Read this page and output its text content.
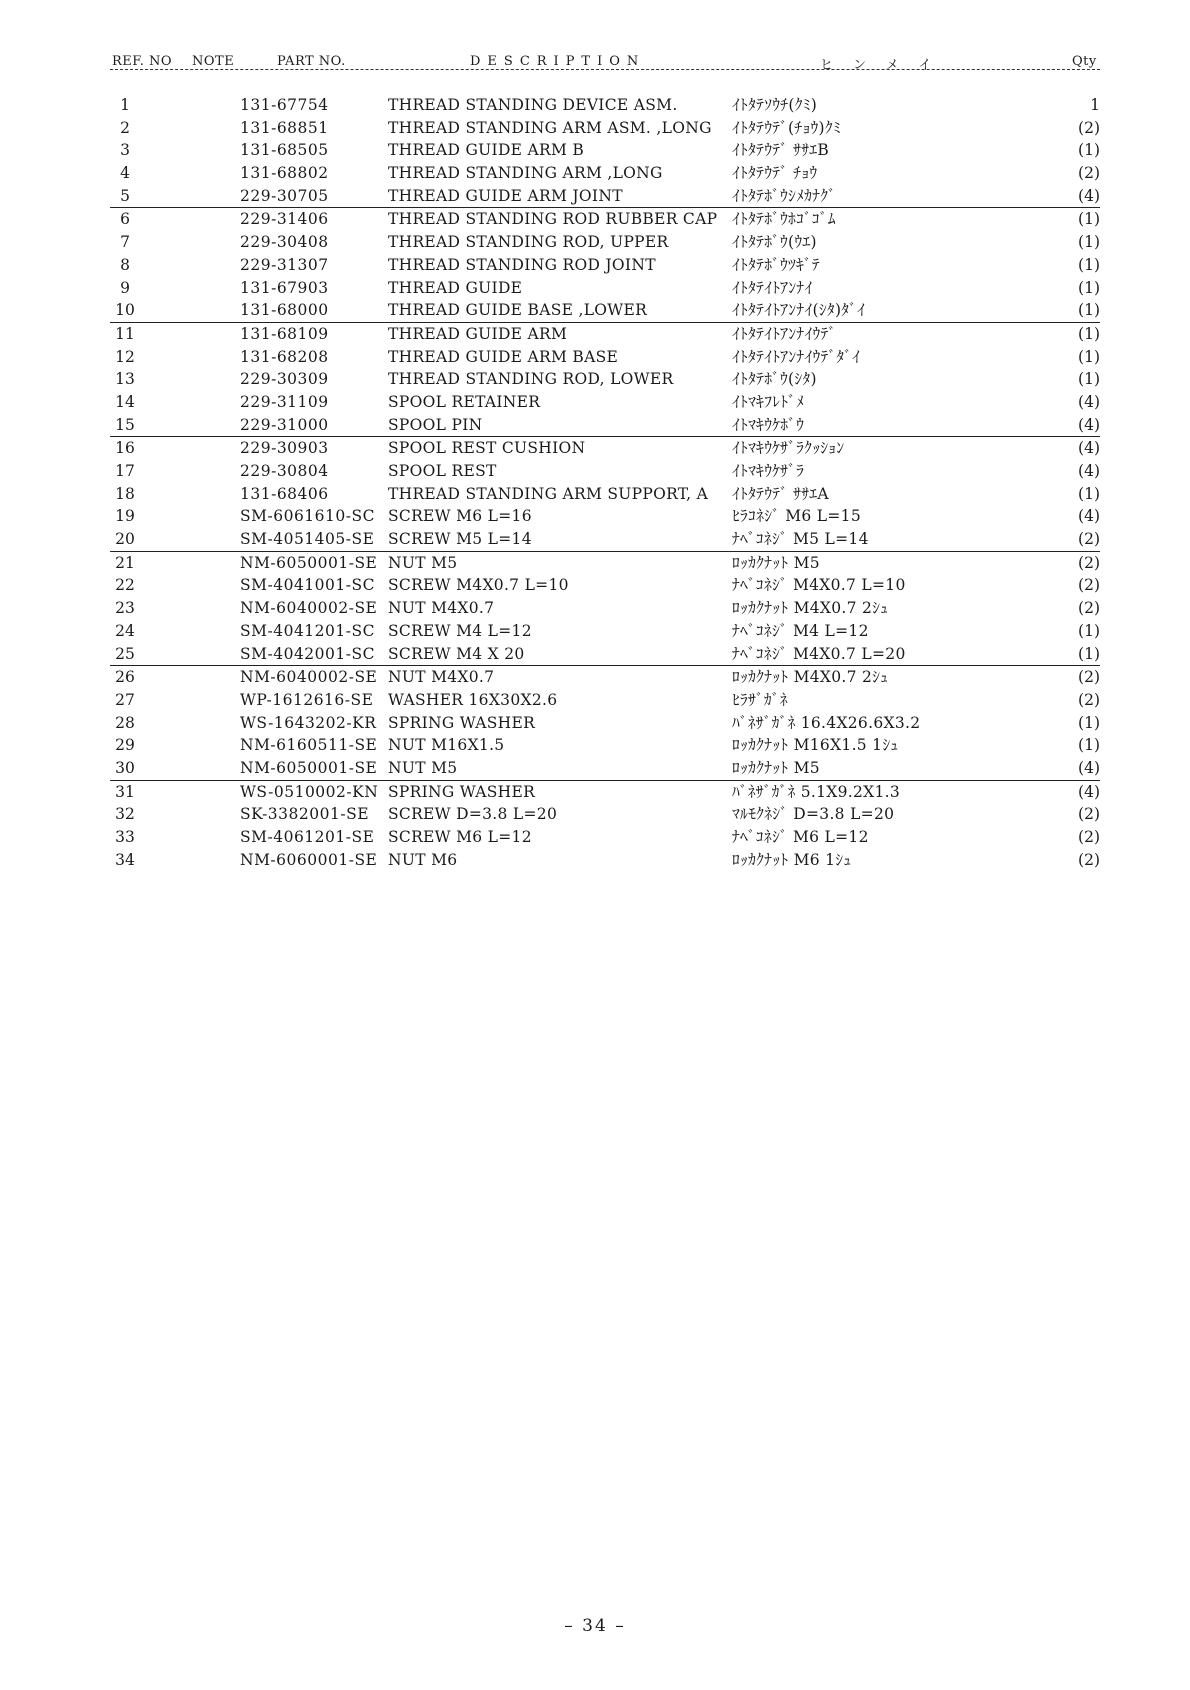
REF. NO NOTE	PART NO.	DESCRIPTION	ヒンメイ	Qty
1	131-67754	THREAD STANDING DEVICE ASM.	ｲﾄﾀﾃｿｳﾁ(ｸﾐ)	1
2	131-68851	THREAD STANDING ARM ASM. ,LONG ｲﾄﾀﾃｳﾃﾞ(ﾁｮｳ)ｸﾐ	(2)
3	131-68505	THREAD GUIDE ARM B	ｲﾄﾀﾃｳﾃﾞ ｻｻｴB	(1)
4	131-68802	THREAD STANDING ARM ,LONG	ｲﾄﾀﾃｳﾃﾞ ﾁｮｳ	(2)
5	229-30705	THREAD GUIDE ARM JOINT	ｲﾄﾀﾃﾎﾞｳｼﾒｶﾅｸﾞ	(4)
6	229-31406	THREAD STANDING ROD RUBBER CAP ｲﾄﾀﾃﾎﾞｳﾎｺﾞｺﾞﾑ	(1)
7	229-30408	THREAD STANDING ROD, UPPER	ｲﾄﾀﾃﾎﾞｳ(ｳｴ)	(1)
8	229-31307	THREAD STANDING ROD JOINT	ｲﾄﾀﾃﾎﾞｳﾂｷﾞﾃ	(1)
9	131-67903	THREAD GUIDE	ｲﾄﾀﾃｲﾄｱﾝﾅｲ	(1)
10	131-68000	THREAD GUIDE BASE ,LOWER	ｲﾄﾀﾃｲﾄｱﾝﾅｲ(ｼﾀ)ﾀﾞｲ	(1)
11	131-68109	THREAD GUIDE ARM	ｲﾄﾀﾃｲﾄｱﾝﾅｲｳﾃﾞ	(1)
12	131-68208	THREAD GUIDE ARM BASE	ｲﾄﾀﾃｲﾄｱﾝﾅｲｳﾃﾞﾀﾞｲ	(1)
13	229-30309	THREAD STANDING ROD, LOWER	ｲﾄﾀﾃﾎﾞｳ(ｼﾀ)	(1)
14	229-31109	SPOOL RETAINER	ｲﾄﾏｷﾌﾚﾄﾞﾒ	(4)
15	229-31000	SPOOL PIN	ｲﾄﾏｷｳｹﾎﾞｳ	(4)
16	229-30903	SPOOL REST CUSHION	ｲﾄﾏｷｳｹｻﾞﾗｸｯｼｮﾝ	(4)
17	229-30804	SPOOL REST	ｲﾄﾏｷｳｹｻﾞﾗ	(4)
18	131-68406	THREAD STANDING ARM SUPPORT, A ｲﾄﾀﾃｳﾃﾞ ｻｻｴA	(1)
19	SM-6061610-SC SCREW M6 L=16	ﾋﾗｺﾈｼﾞ M6 L=15	(4)
20	SM-4051405-SE SCREW M5 L=14	ﾅﾍﾞｺﾈｼﾞ M5 L=14	(2)
21	NM-6050001-SE NUT M5	ﾛｯｶｸﾅｯﾄ M5	(2)
22	SM-4041001-SC SCREW M4X0.7 L=10	ﾅﾍﾞｺﾈｼﾞ M4X0.7 L=10	(2)
23	NM-6040002-SE NUT M4X0.7	ﾛｯｶｸﾅｯﾄ M4X0.7 2ｼｭ	(2)
24	SM-4041201-SC SCREW M4 L=12	ﾅﾍﾞｺﾈｼﾞ M4 L=12	(1)
25	SM-4042001-SC SCREW M4 X 20	ﾅﾍﾞｺﾈｼﾞ M4X0.7 L=20	(1)
26	NM-6040002-SE NUT M4X0.7	ﾛｯｶｸﾅｯﾄ M4X0.7 2ｼｭ	(2)
27	WP-1612616-SE WASHER 16X30X2.6	ﾋﾗｻﾞｶﾞﾈ	(2)
28	WS-1643202-KR SPRING WASHER	ﾊﾞﾈｻﾞｶﾞﾈ 16.4X26.6X3.2	(1)
29	NM-6160511-SE NUT M16X1.5	ﾛｯｶｸﾅｯﾄ M16X1.5 1ｼｭ	(1)
30	NM-6050001-SE NUT M5	ﾛｯｶｸﾅｯﾄ M5	(4)
31	WS-0510002-KN SPRING WASHER	ﾊﾞﾈｻﾞｶﾞﾈ 5.1X9.2X1.3	(4)
32	SK-3382001-SE SCREW D=3.8 L=20	ﾏﾙﾓｸﾈｼﾞ D=3.8 L=20	(2)
33	SM-4061201-SE SCREW M6 L=12	ﾅﾍﾞｺﾈｼﾞ M6 L=12	(2)
34	NM-6060001-SE NUT M6	ﾛｯｶｸﾅｯﾄ M6 1ｼｭ	(2)
– 34 –
